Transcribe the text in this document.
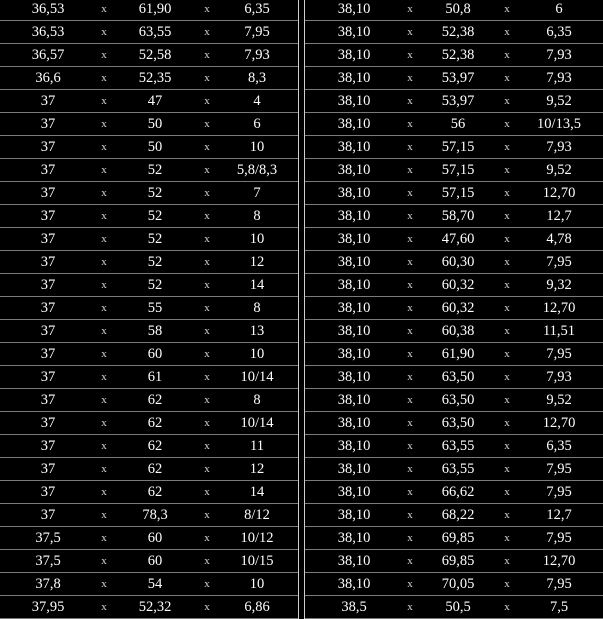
36,53	x	61,90	x	6,35
36,53	x	63,55	x	7,95
36,57	x	52,58	x	7,93
36,6	x	52,35	x	8,3
37	x	47	x	4
37	x	50	x	6
37	x	50	x	10
37	x	52	x	5,8/8,3
37	x	52	x	7
37	x	52	x	8
37	x	52	x	10
37	x	52	x	12
37	x	52	x	14
37	x	55	x	8
37	x	58	x	13
37	x	60	x	10
37	x	61	x	10/14
37	x	62	x	8
37	x	62	x	10/14
37	x	62	x	11
37	x	62	x	12
37	x	62	x	14
37	x	78,3	x	8/12
37,5	x	60	x	10/12
37,5	x	60	x	10/15
37,8	x	54	x	10
37,95	x	52,32	x	6,86
38,10	x	50,8	x	6
38,10	x	52,38	x	6,35
38,10	x	52,38	x	7,93
38,10	x	53,97	x	7,93
38,10	x	53,97	x	9,52
38,10	x	56	x	10/13,5
38,10	x	57,15	x	7,93
38,10	x	57,15	x	9,52
38,10	x	57,15	x	12,70
38,10	x	58,70	x	12,7
38,10	x	47,60	x	4,78
38,10	x	60,30	x	7,95
38,10	x	60,32	x	9,32
38,10	x	60,32	x	12,70
38,10	x	60,38	x	11,51
38,10	x	61,90	x	7,95
38,10	x	63,50	x	7,93
38,10	x	63,50	x	9,52
38,10	x	63,50	x	12,70
38,10	x	63,55	x	6,35
38,10	x	63,55	x	7,95
38,10	x	66,62	x	7,95
38,10	x	68,22	x	12,7
38,10	x	69,85	x	7,95
38,10	x	69,85	x	12,70
38,10	x	70,05	x	7,95
38,5	x	50,5	x	7,5
